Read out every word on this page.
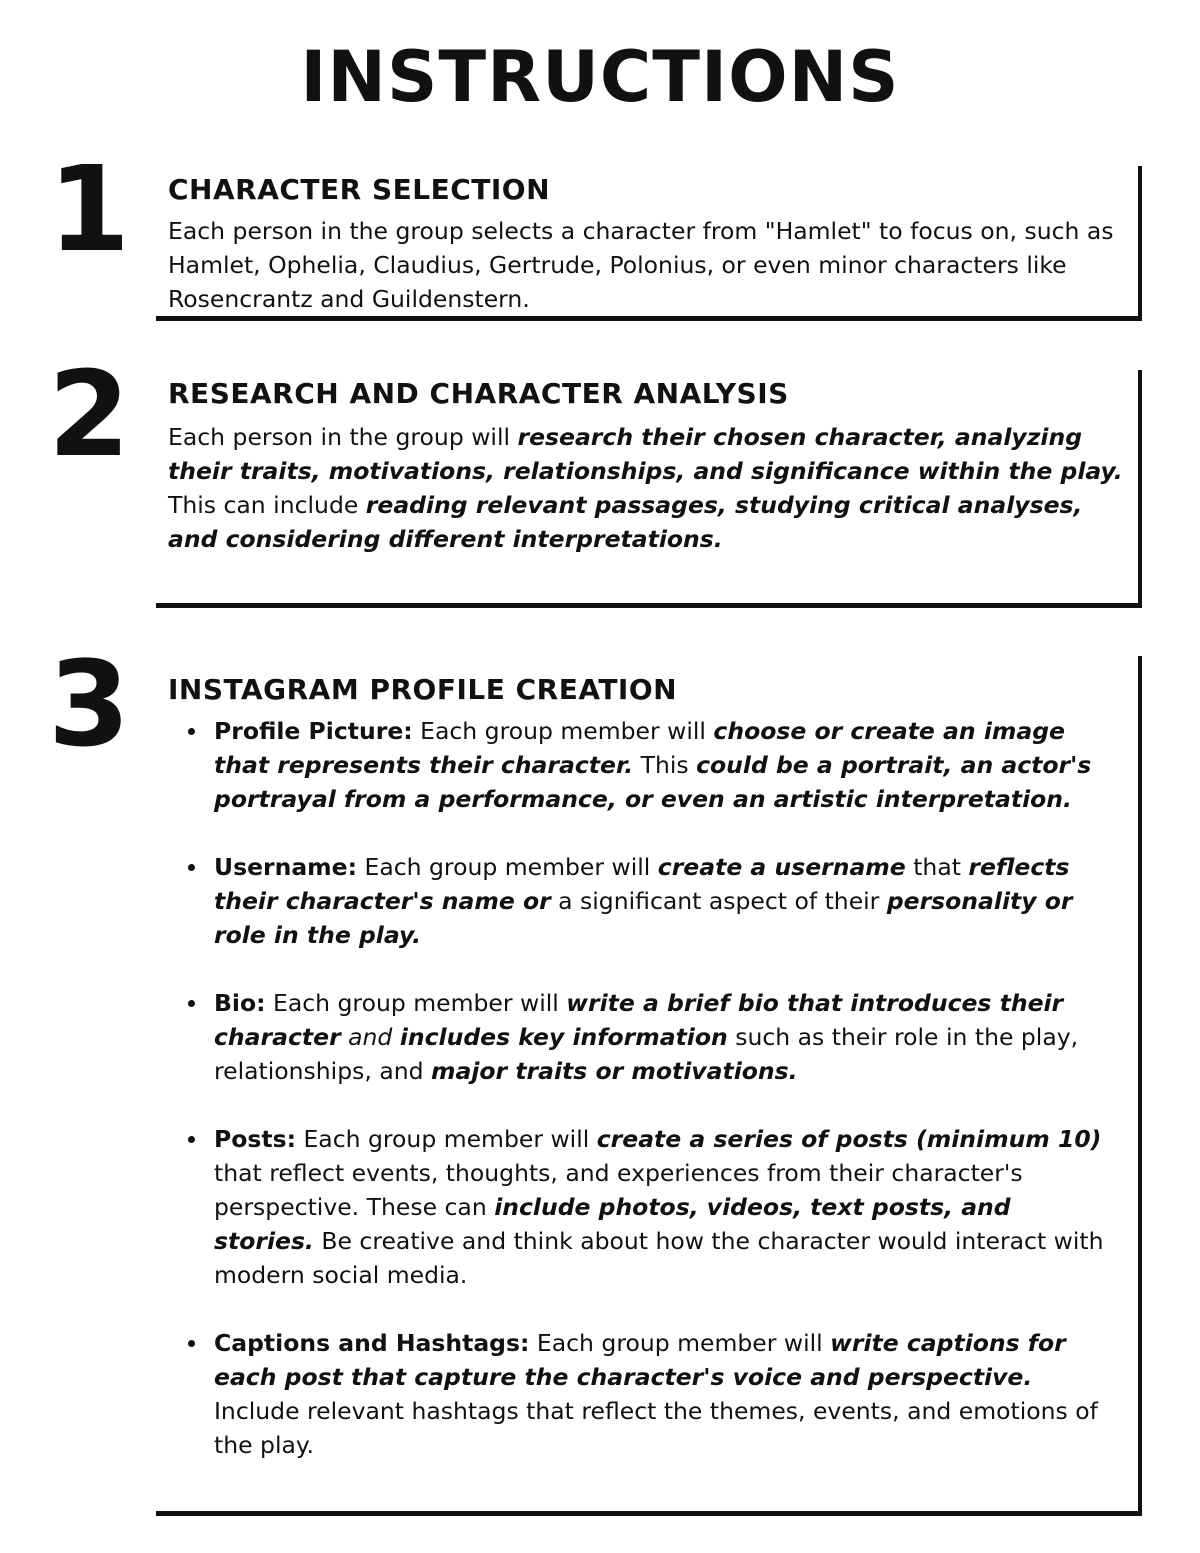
INSTRUCTIONS
1 CHARACTER SELECTION
Each person in the group selects a character from "Hamlet" to focus on, such as Hamlet, Ophelia, Claudius, Gertrude, Polonius, or even minor characters like Rosencrantz and Guildenstern.
2 RESEARCH AND CHARACTER ANALYSIS
Each person in the group will research their chosen character, analyzing their traits, motivations, relationships, and significance within the play. This can include reading relevant passages, studying critical analyses, and considering different interpretations.
3 INSTAGRAM PROFILE CREATION
Profile Picture: Each group member will choose or create an image that represents their character. This could be a portrait, an actor's portrayal from a performance, or even an artistic interpretation.
Username: Each group member will create a username that reflects their character's name or a significant aspect of their personality or role in the play.
Bio: Each group member will write a brief bio that introduces their character and includes key information such as their role in the play, relationships, and major traits or motivations.
Posts: Each group member will create a series of posts (minimum 10) that reflect events, thoughts, and experiences from their character's perspective. These can include photos, videos, text posts, and stories. Be creative and think about how the character would interact with modern social media.
Captions and Hashtags: Each group member will write captions for each post that capture the character's voice and perspective. Include relevant hashtags that reflect the themes, events, and emotions of the play.
